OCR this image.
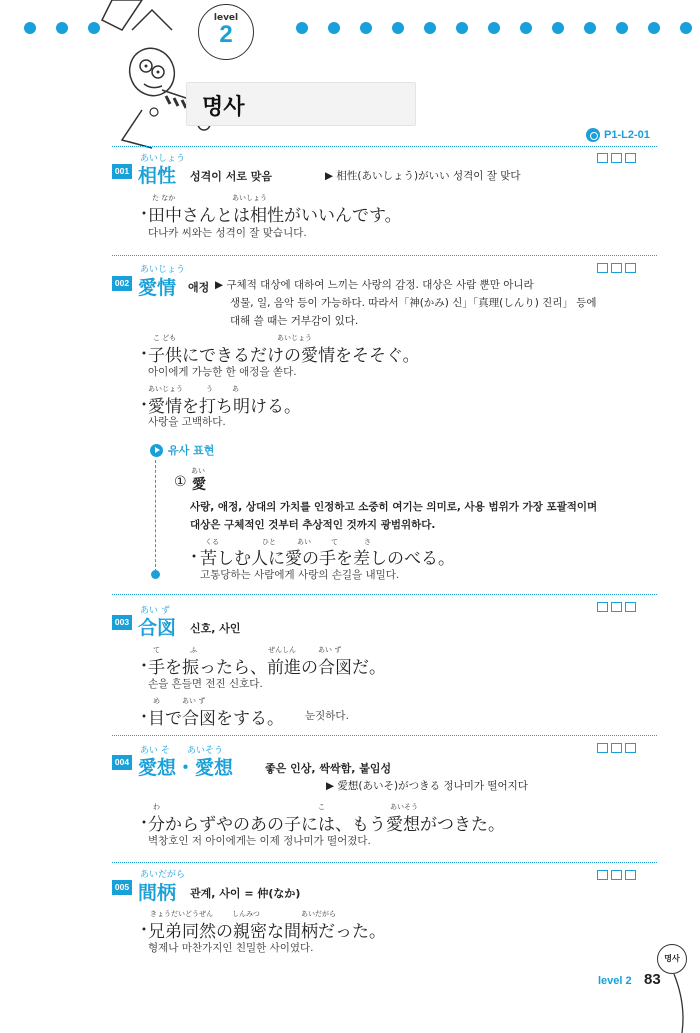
level
2
명사
P1-L2-01
001
あいしょう
相性 성격이 서로 맞음	▶ 相性(あいしょう)がいい 성격이 잘 맞다
た なか	あいしょう
・
田中さんとは相性がいいんです。
다나카 씨와는 성격이 잘 맞습니다.
002
あいじょう
愛情 애정 ▶ 구체적 대상에 대하여 느끼는 사랑의 감정. 대상은 사람 뿐만 아니라
생물, 일, 음악 등이 가능하다. 따라서「神(かみ) 신」「真理(しんり) 진리」 등에
대해 쓸 때는 거부감이 있다.
こ ども	あいじょう
・
子供にできるだけの愛情をそそぐ。
아이에게 가능한 한 애정을 쏟다.
あいじょう	う	あ
・
愛情を打ち明ける。
사랑을 고백하다.
유사 표현
あい
① 愛
사랑, 애정, 상대의 가치를 인정하고 소중히 여기는 의미로, 사용 범위가 가장 포괄적이며
대상은 구체적인 것부터 추상적인 것까지 광범위하다.
くる	ひと	あい	て	さ
・
苦しむ人に愛の手を差しのべる。
고통당하는 사람에게 사랑의 손길을 내밀다.
003
あい ず
合図 신호, 사인
て	ふ	ぜんしん	あい ず
・
手を振ったら、前進の合図だ。
손을 흔들면 전진 신호다.
め	あい ず
・
目で合図をする。 눈짓하다.
004
あい そ      あいそう
愛想・愛想	좋은 인상, 싹싹함, 붙임성
▶ 愛想(あいそ)がつきる 정나미가 떨어지다
わ	こ	あいそう
・
分からずやのあの子には、もう愛想がつきた。
벽창호인 저 아이에게는 이제 정나미가 떨어졌다.
005
あいだがら
間柄 관계, 사이 = 仲(なか)
きょうだいどうぜん	しんみつ	あいだがら
・
兄弟同然の親密な間柄だった。
형제나 마찬가지인 친밀한 사이였다.
명사
level 2 83
